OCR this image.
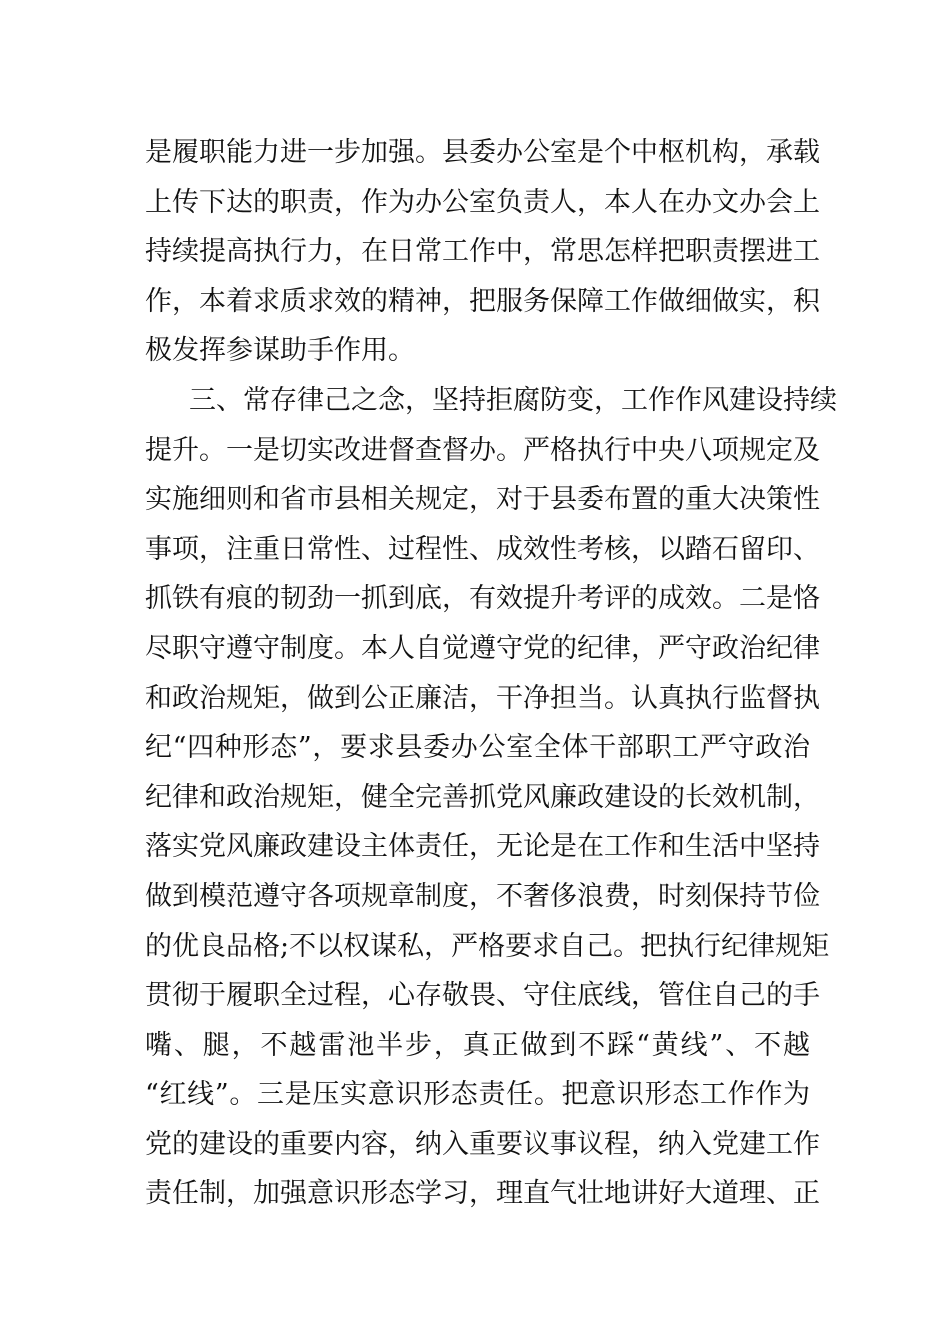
是履职能力进一步加强。县委办公室是个中枢机构，承载
上传下达的职责，作为办公室负责人，本人在办文办会上
持续提高执行力，在日常工作中，常思怎样把职责摆进工
作，本着求质求效的精神，把服务保障工作做细做实，积
极发挥参谋助手作用。
三、常存律己之念，坚持拒腐防变，工作作风建设持续
提升。一是切实改进督查督办。严格执行中央八项规定及
实施细则和省市县相关规定，对于县委布置的重大决策性
事项，注重日常性、过程性、成效性考核，以踏石留印、
抓铁有痕的韧劲一抓到底，有效提升考评的成效。二是恪
尽职守遵守制度。本人自觉遵守党的纪律，严守政治纪律
和政治规矩，做到公正廉洁，干净担当。认真执行监督执
纪“四种形态”，要求县委办公室全体干部职工严守政治
纪律和政治规矩，健全完善抓党风廉政建设的长效机制，
落实党风廉政建设主体责任，无论是在工作和生活中坚持
做到模范遵守各项规章制度，不奢侈浪费，时刻保持节俭
的优良品格;不以权谋私，严格要求自己。把执行纪律规矩
贯彻于履职全过程，心存敬畏、守住底线，管住自己的手
嘴、腿，不越雷池半步，真正做到不踩“黄线”、不越
“红线”。三是压实意识形态责任。把意识形态工作作为
党的建设的重要内容，纳入重要议事议程，纳入党建工作
责任制，加强意识形态学习，理直气壮地讲好大道理、正
